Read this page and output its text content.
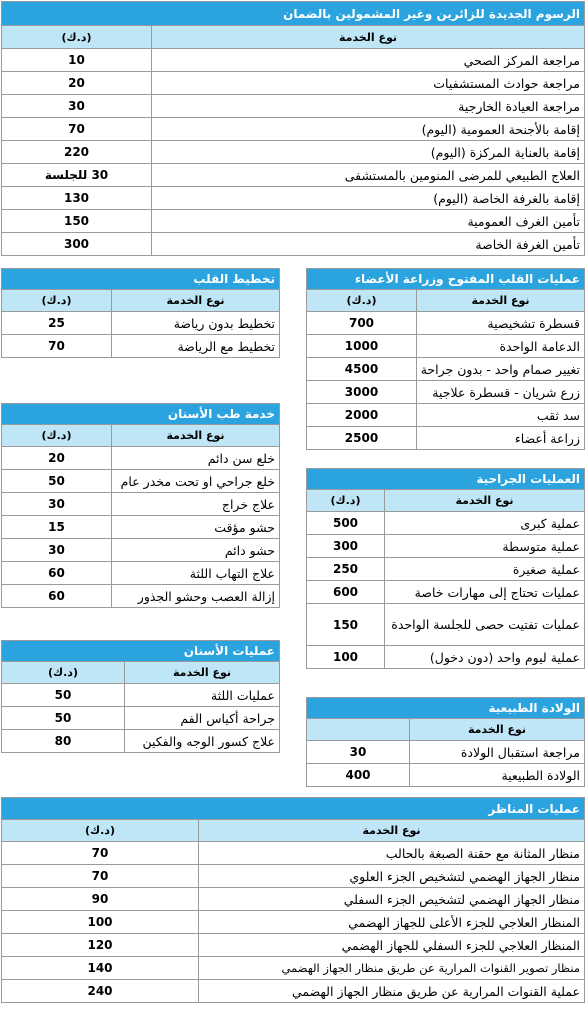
الرسوم الجديدة للزائرين وغير المشمولين بالضمان	
نوع الخدمة	(د.ك)
مراجعة المركز الصحي	10
مراجعة حوادث المستشفيات	20
مراجعة العيادة الخارجية	30
إقامة بالأجنحة العمومية (اليوم)	70
إقامة بالعناية المركزة (اليوم)	220
العلاج الطبيعي للمرضى المنومين بالمستشفى	30 للجلسة
إقامة بالغرفة الخاصة (اليوم)	130
تأمين الغرف العمومية	150
تأمين الغرفة الخاصة	300
عمليات القلب المفتوح وزراعة الأعضاء	
نوع الخدمة	(د.ك)
قسطرة تشخيصية	700
الدعامة الواحدة	1000
تغيير صمام واحد - بدون جراحة	4500
زرع شريان - قسطرة علاجية	3000
سد ثقب	2000
زراعة أعضاء	2500
تخطيط القلب	
نوع الخدمة	(د.ك)
تخطيط بدون رياضة	25
تخطيط مع الرياضة	70
خدمة طب الأسنان	
نوع الخدمة	(د.ك)
خلع سن دائم	20
خلع جراحي او تحت مخدر عام	50
علاج خراج	30
حشو مؤقت	15
حشو دائم	30
علاج التهاب اللثة	60
إزالة العصب وحشو الجذور	60
العمليات الجراحية	
نوع الخدمة	(د.ك)
عملية كبرى	500
عملية متوسطة	300
عملية صغيرة	250
عمليات تحتاج إلى مهارات خاصة	600
عمليات تفتيت حصى للجلسة الواحدة	150
عملية ليوم واحد (دون دخول)	100
عمليات الأسنان	
نوع الخدمة	(د.ك)
عمليات اللثة	50
جراحة أكياس الفم	50
علاج كسور الوجه والفكين	80
الولادة الطبيعية	
نوع الخدمة	
مراجعة استقبال الولادة	30
الولادة الطبيعية	400
عمليات المناظر	
نوع الخدمة	(د.ك)
منظار المثانة مع حقنة الصبغة بالحالب	70
منظار الجهاز الهضمي لتشخيص الجزء العلوي	70
منظار الجهاز الهضمي لتشخيص الجزء السفلي	90
المنظار العلاجي للجزء الأعلى للجهاز الهضمي	100
المنظار العلاجي للجزء السفلي للجهاز الهضمي	120
منظار تصوير القنوات المرارية عن طريق منظار الجهاز الهضمي	140
عملية القنوات المرارية عن طريق منظار الجهاز الهضمي	240
